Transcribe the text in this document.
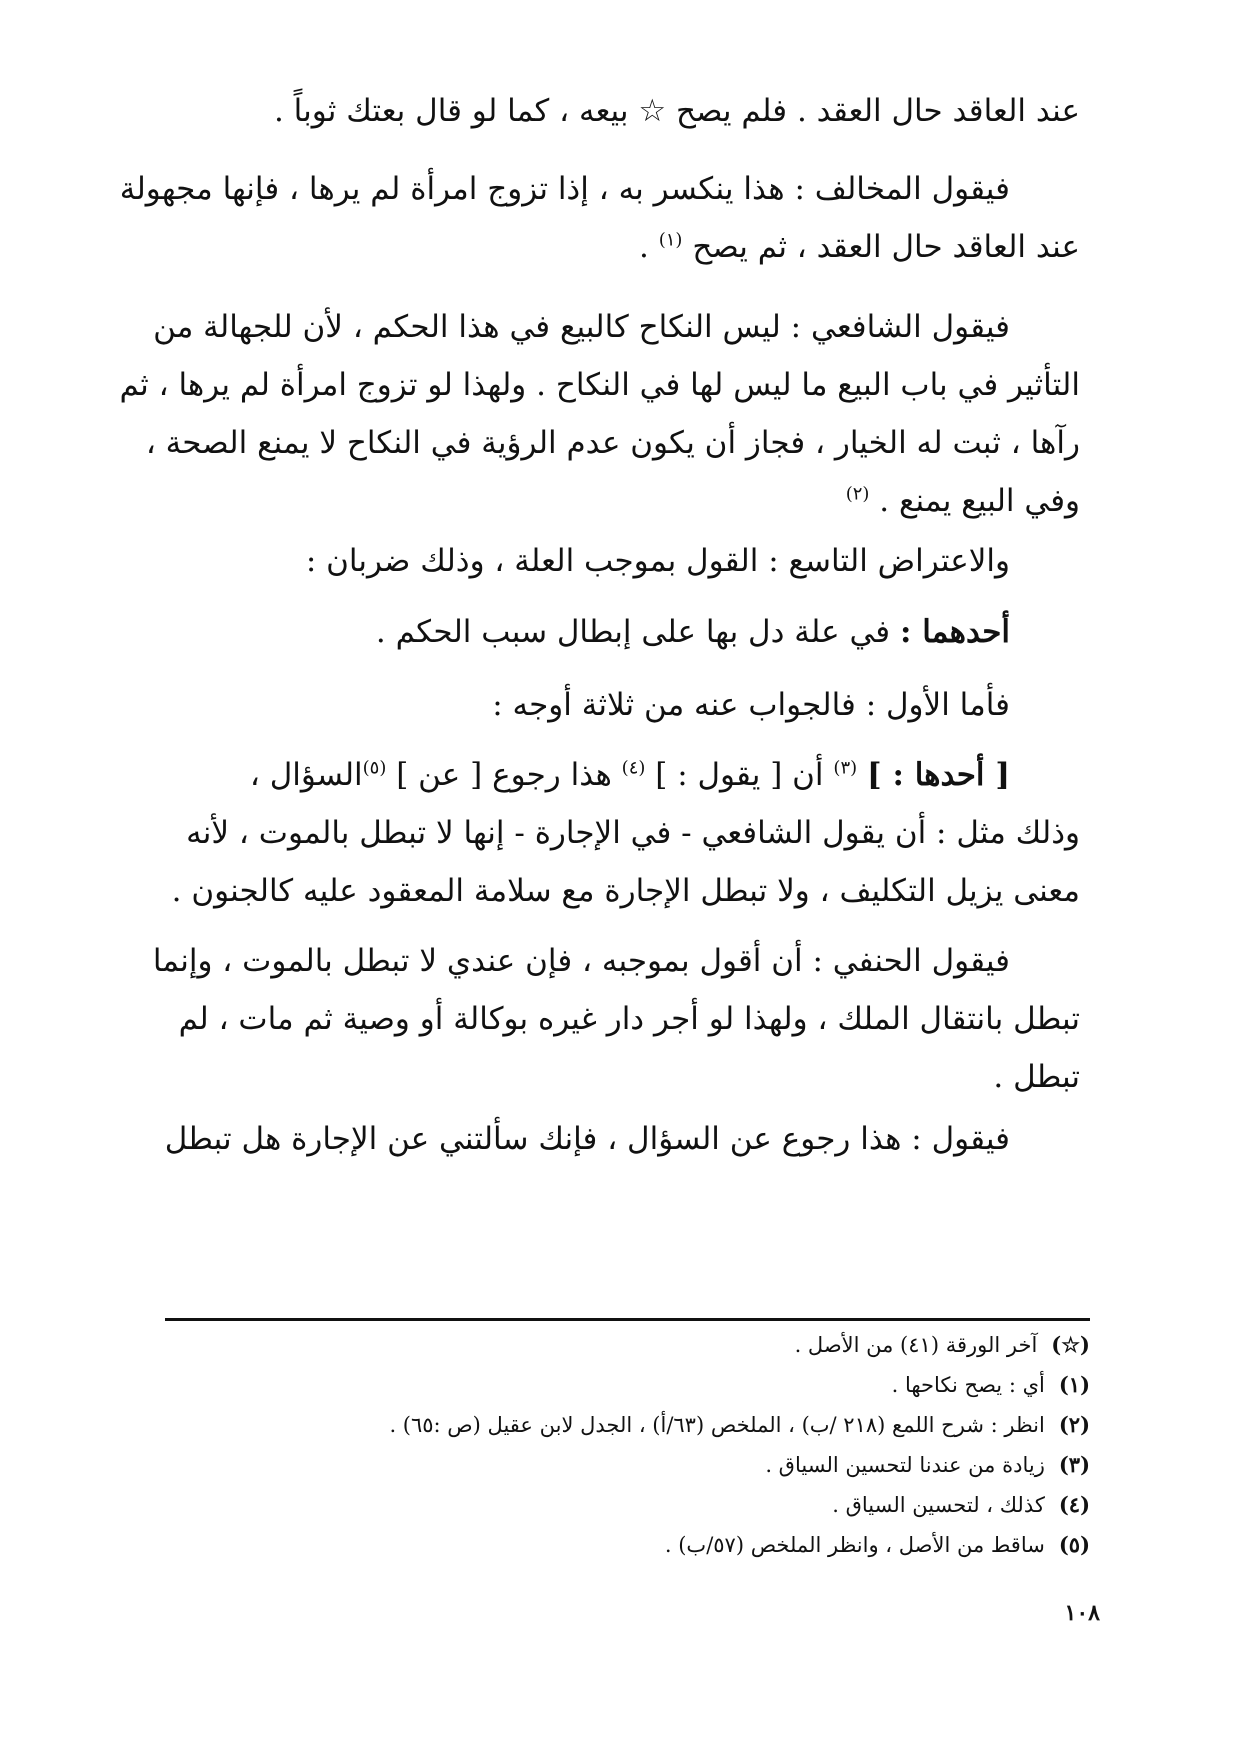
عند العاقد حال العقد . فلم يصح ☆ بيعه ، كما لو قال بعتك ثوباً .
فيقول المخالف : هذا ينكسر به ، إذا تزوج امرأة لم يرها ، فإنها مجهولة
عند العاقد حال العقد ، ثم يصح $^{(١)}$ .
فيقول الشافعي : ليس النكاح كالبيع في هذا الحكم ، لأن للجهالة من
التأثير في باب البيع ما ليس لها في النكاح . ولهذا لو تزوج امرأة لم يرها ، ثم
رآها ، ثبت له الخيار ، فجاز أن يكون عدم الرؤية في النكاح لا يمنع الصحة ،
وفي البيع يمنع . $^{(٢)}$
والاعتراض التاسع : القول بموجب العلة ، وذلك ضربان :
أحدهما : في علة دل بها على إبطال سبب الحكم .
فأما الأول : فالجواب عنه من ثلاثة أوجه :
[ أحدها : ] $^{(٣)}$ أن [ يقول : ] $^{(٤)}$ هذا رجوع [ عن ] $^{(٥)}$السؤال ،
وذلك مثل : أن يقول الشافعي - في الإجارة - إنها لا تبطل بالموت ، لأنه
معنى يزيل التكليف ، ولا تبطل الإجارة مع سلامة المعقود عليه كالجنون .
فيقول الحنفي : أن أقول بموجبه ، فإن عندي لا تبطل بالموت ، وإنما
تبطل بانتقال الملك ، ولهذا لو أجر دار غيره بوكالة أو وصية ثم مات ، لم
تبطل .
فيقول : هذا رجوع عن السؤال ، فإنك سألتني عن الإجارة هل تبطل
(☆)آخر الورقة (٤١) من الأصل .
(١)أي : يصح نكاحها .
(٢)انظر : شرح اللمع (٢١٨ /ب) ، الملخص (٦٣/أ) ، الجدل لابن عقيل (ص :٦٥) .
(٣)زيادة من عندنا لتحسين السياق .
(٤)كذلك ، لتحسين السياق .
(٥)ساقط من الأصل ، وانظر الملخص (٥٧/ب) .
١٠٨
